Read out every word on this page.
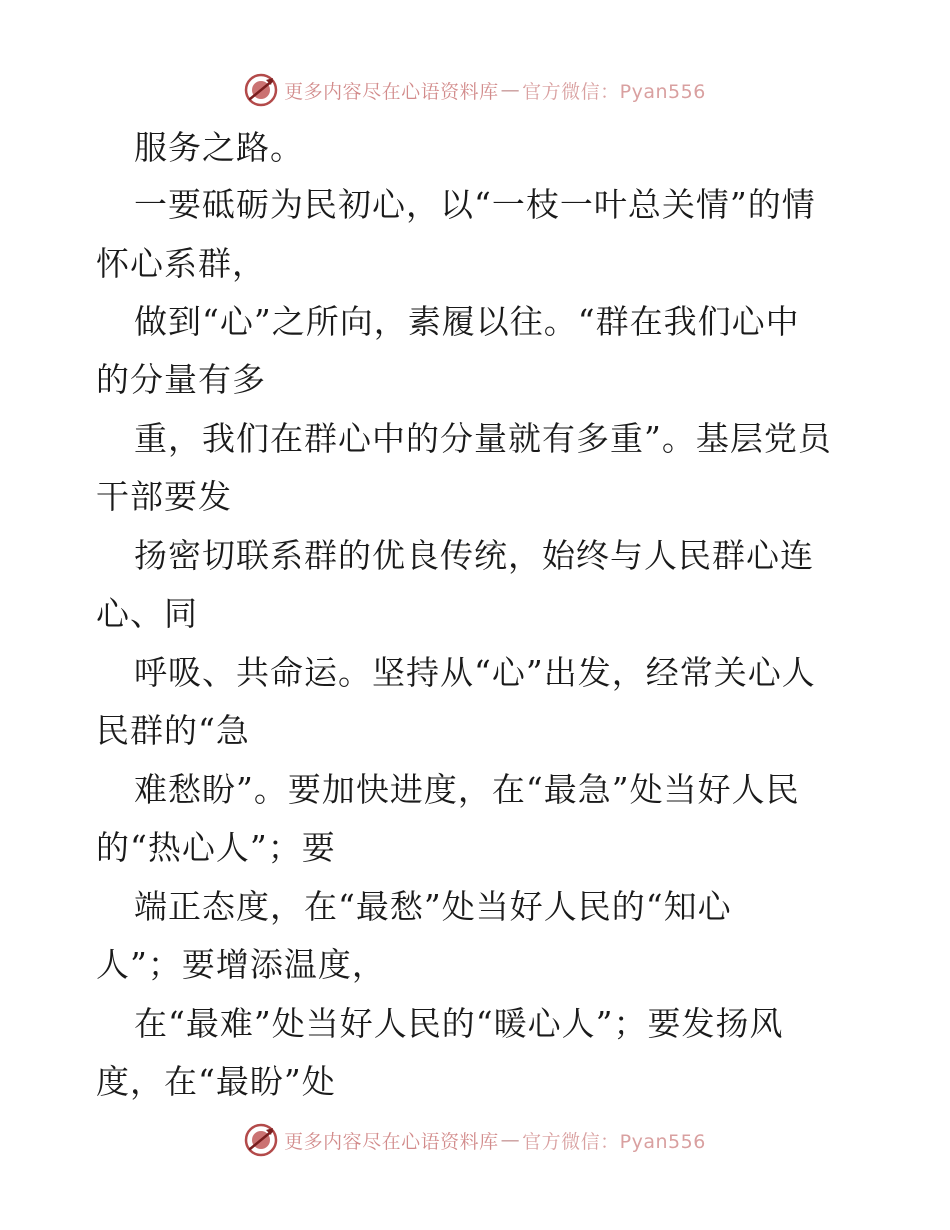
更多内容尽在心语资料库 — 官方微信：Pyan556
服务之路。
一要砥砺为民初心，以“一枝一叶总关情”的情
怀心系群，
做到“心”之所向，素履以往。“群在我们心中
的分量有多
重，我们在群心中的分量就有多重”。基层党员
干部要发
扬密切联系群的优良传统，始终与人民群心连
心、同
呼吸、共命运。坚持从“心”出发，经常关心人
民群的“急
难愁盼”。要加快进度，在“最急”处当好人民
的“热心人”；要
端正态度，在“最愁”处当好人民的“知心
人”；要增添温度，
在“最难”处当好人民的“暖心人”；要发扬风
度，在“最盼”处
更多内容尽在心语资料库 — 官方微信：Pyan556
